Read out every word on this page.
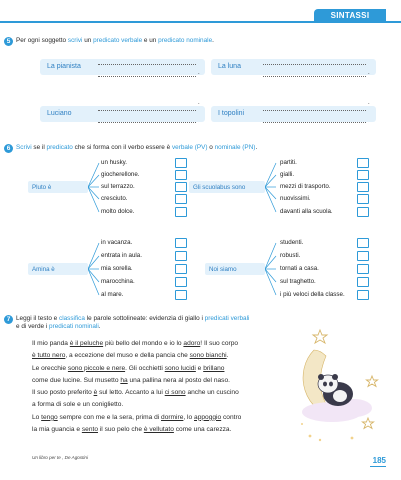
SINTASSI
5 Per ogni soggetto scrivi un predicato verbale e un predicato nominale.
La pianista	La luna
Luciano	I topolini
.	.
.	.
6 Scrivi se il predicato che si forma con il verbo essere è verbale (PV) o nominale (PN).
Pluto è
un husky.
giocherellone.
sul terrazzo.
cresciuto.
molto dolce.
Gli scuolabus sono
partiti.
gialli.
mezzi di trasporto.
nuovissimi.
davanti alla scuola.
Amina è
in vacanza.
entrata in aula.
mia sorella.
marocchina.
al mare.
Noi siamo
studenti.
robusti.
tornati a casa.
sul traghetto.
i più veloci della classe.
7 Leggi il testo e classifica le parole sottolineate: evidenzia di giallo i predicati verbali
e di verde i predicati nominali.
Il mio panda è il peluche più bello del mondo e io lo adoro! Il suo corpo
è tutto nero, a eccezione del muso e della pancia che sono bianchi.
Le orecchie sono piccole e nere. Gli occhietti sono lucidi e brillano
come due lucine. Sul musetto ha una pallina nera al posto del naso.
Il suo posto preferito è sul letto. Accanto a lui ci sono anche un cuscino
a forma di sole e un coniglietto.
Lo tengo sempre con me e la sera, prima di dormire, lo appoggio contro
la mia guancia e sento il suo pelo che è vellutato come una carezza.
Un libro per te , De Agostini	185
